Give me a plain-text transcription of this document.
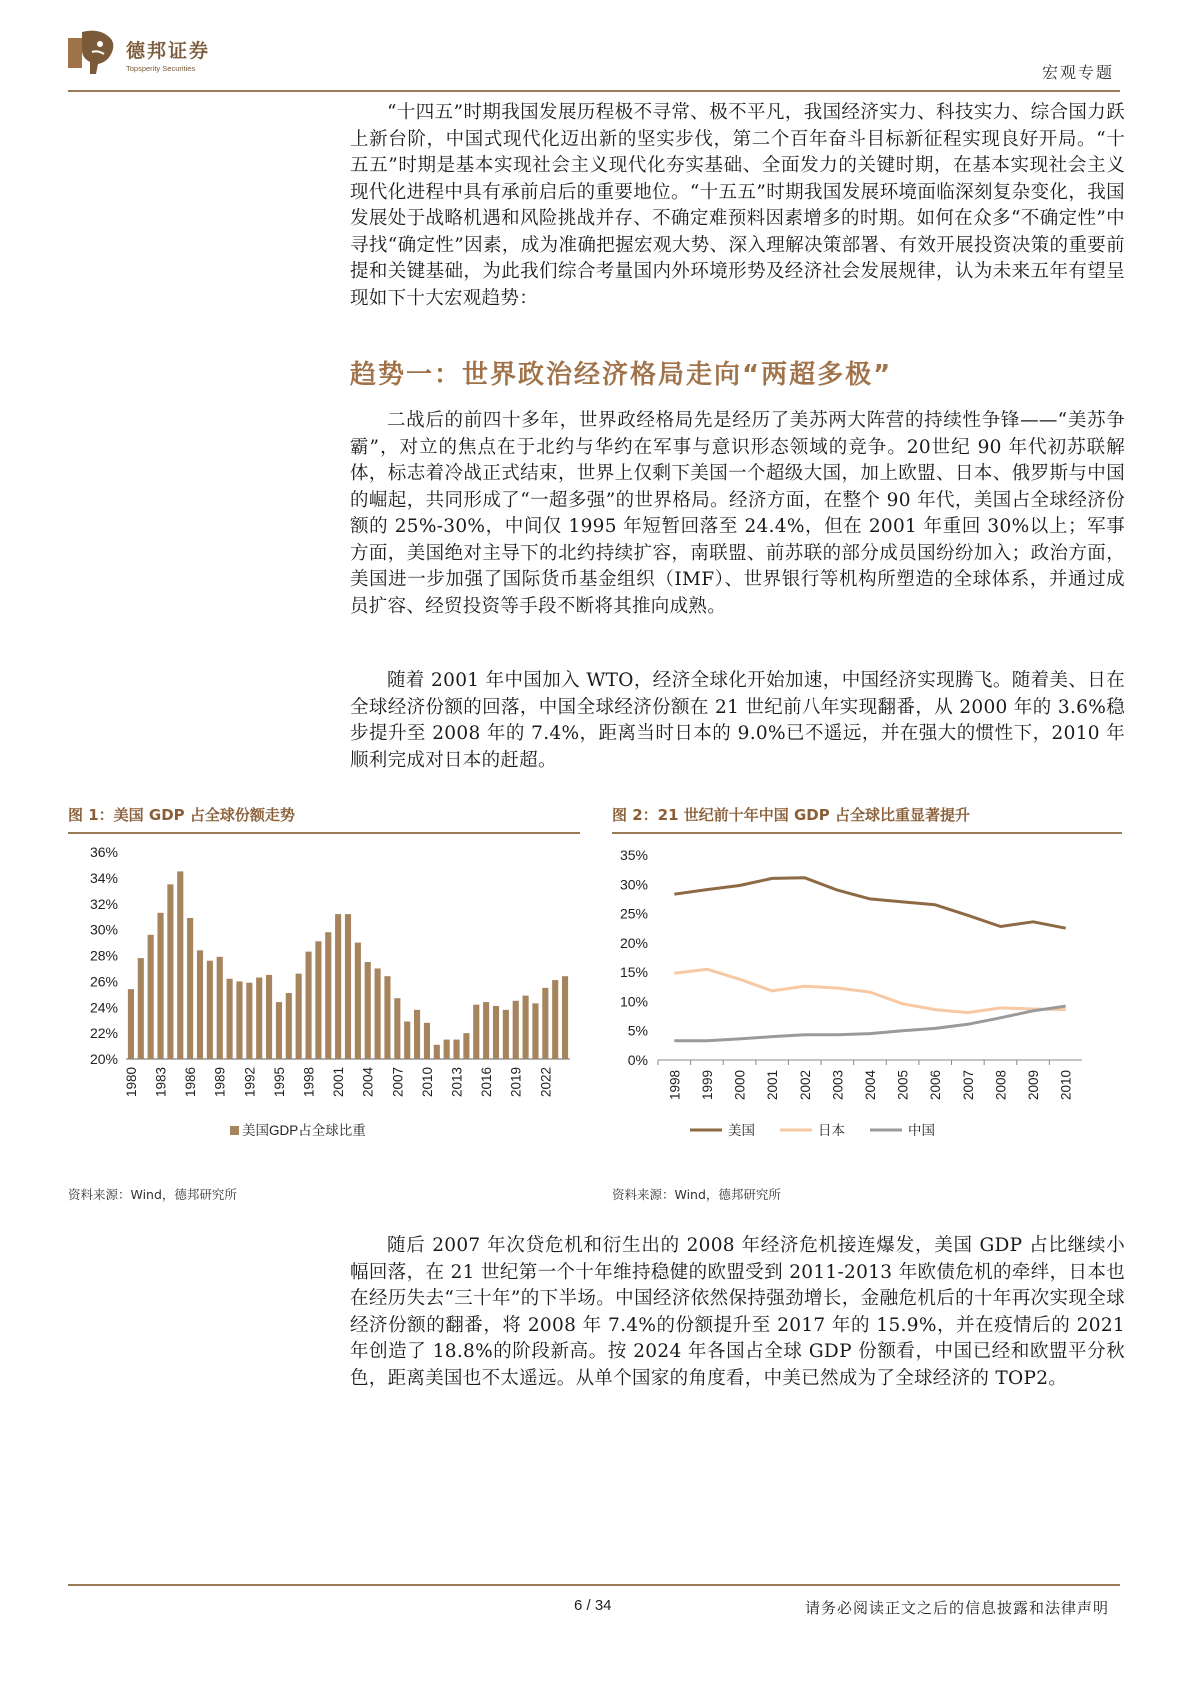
德邦证券
Topsperity Securities	宏观专题

“十四五”时期我国发展历程极不寻常、极不平凡，我国经济实力、科技实力、综合国力跃上新台阶，中国式现代化迈出新的坚实步伐，第二个百年奋斗目标新征程实现良好开局。“十五五”时期是基本实现社会主义现代化夯实基础、全面发力的关键时期，在基本实现社会主义现代化进程中具有承前启后的重要地位。“十五五”时期我国发展环境面临深刻复杂变化，我国发展处于战略机遇和风险挑战并存、不确定难预料因素增多的时期。如何在众多“不确定性”中寻找“确定性”因素，成为准确把握宏观大势、深入理解决策部署、有效开展投资决策的重要前提和关键基础，为此我们综合考量国内外环境形势及经济社会发展规律，认为未来五年有望呈现如下十大宏观趋势：

趋势一：世界政治经济格局走向“两超多极”

二战后的前四十多年，世界政经格局先是经历了美苏两大阵营的持续性争锋——“美苏争霸”，对立的焦点在于北约与华约在军事与意识形态领域的竞争。20世纪 90 年代初苏联解体，标志着冷战正式结束，世界上仅剩下美国一个超级大国，加上欧盟、日本、俄罗斯与中国的崛起，共同形成了“一超多强”的世界格局。经济方面，在整个 90 年代，美国占全球经济份额的 25%-30%，中间仅 1995 年短暂回落至 24.4%，但在 2001 年重回 30%以上；军事方面，美国绝对主导下的北约持续扩容，南联盟、前苏联的部分成员国纷纷加入；政治方面，美国进一步加强了国际货币基金组织（IMF）、世界银行等机构所塑造的全球体系，并通过成员扩容、经贸投资等手段不断将其推向成熟。

随着 2001 年中国加入 WTO，经济全球化开始加速，中国经济实现腾飞。随着美、日在全球经济份额的回落，中国全球经济份额在 21 世纪前八年实现翻番，从 2000 年的 3.6%稳步提升至 2008 年的 7.4%，距离当时日本的 9.0%已不遥远，并在强大的惯性下，2010 年顺利完成对日本的赶超。

图 1：美国 GDP 占全球份额走势	图 2：21 世纪前十年中国 GDP 占全球比重显著提升
20%
22%
24%
26%
28%
30%
32%
34%
36%
1980 1983 1986 1989 1992 1995 1998 2001 2004 2007 2010 2013 2016 2019 2022
美国GDP占全球比重
0%
5%
10%
15%
20%
25%
30%
35%
1998 1999 2000 2001 2002 2003 2004 2005 2006 2007 2008 2009 2010
美国	日本	中国
资料来源：Wind，德邦研究所	资料来源：Wind，德邦研究所

随后 2007 年次贷危机和衍生出的 2008 年经济危机接连爆发，美国 GDP 占比继续小幅回落，在 21 世纪第一个十年维持稳健的欧盟受到 2011-2013 年欧债危机的牵绊，日本也在经历失去“三十年”的下半场。中国经济依然保持强劲增长，金融危机后的十年再次实现全球经济份额的翻番，将 2008 年 7.4%的份额提升至 2017 年的 15.9%，并在疫情后的 2021 年创造了 18.8%的阶段新高。按 2024 年各国占全球 GDP 份额看，中国已经和欧盟平分秋色，距离美国也不太遥远。从单个国家的角度看，中美已然成为了全球经济的 TOP2。

6 / 34	请务必阅读正文之后的信息披露和法律声明
